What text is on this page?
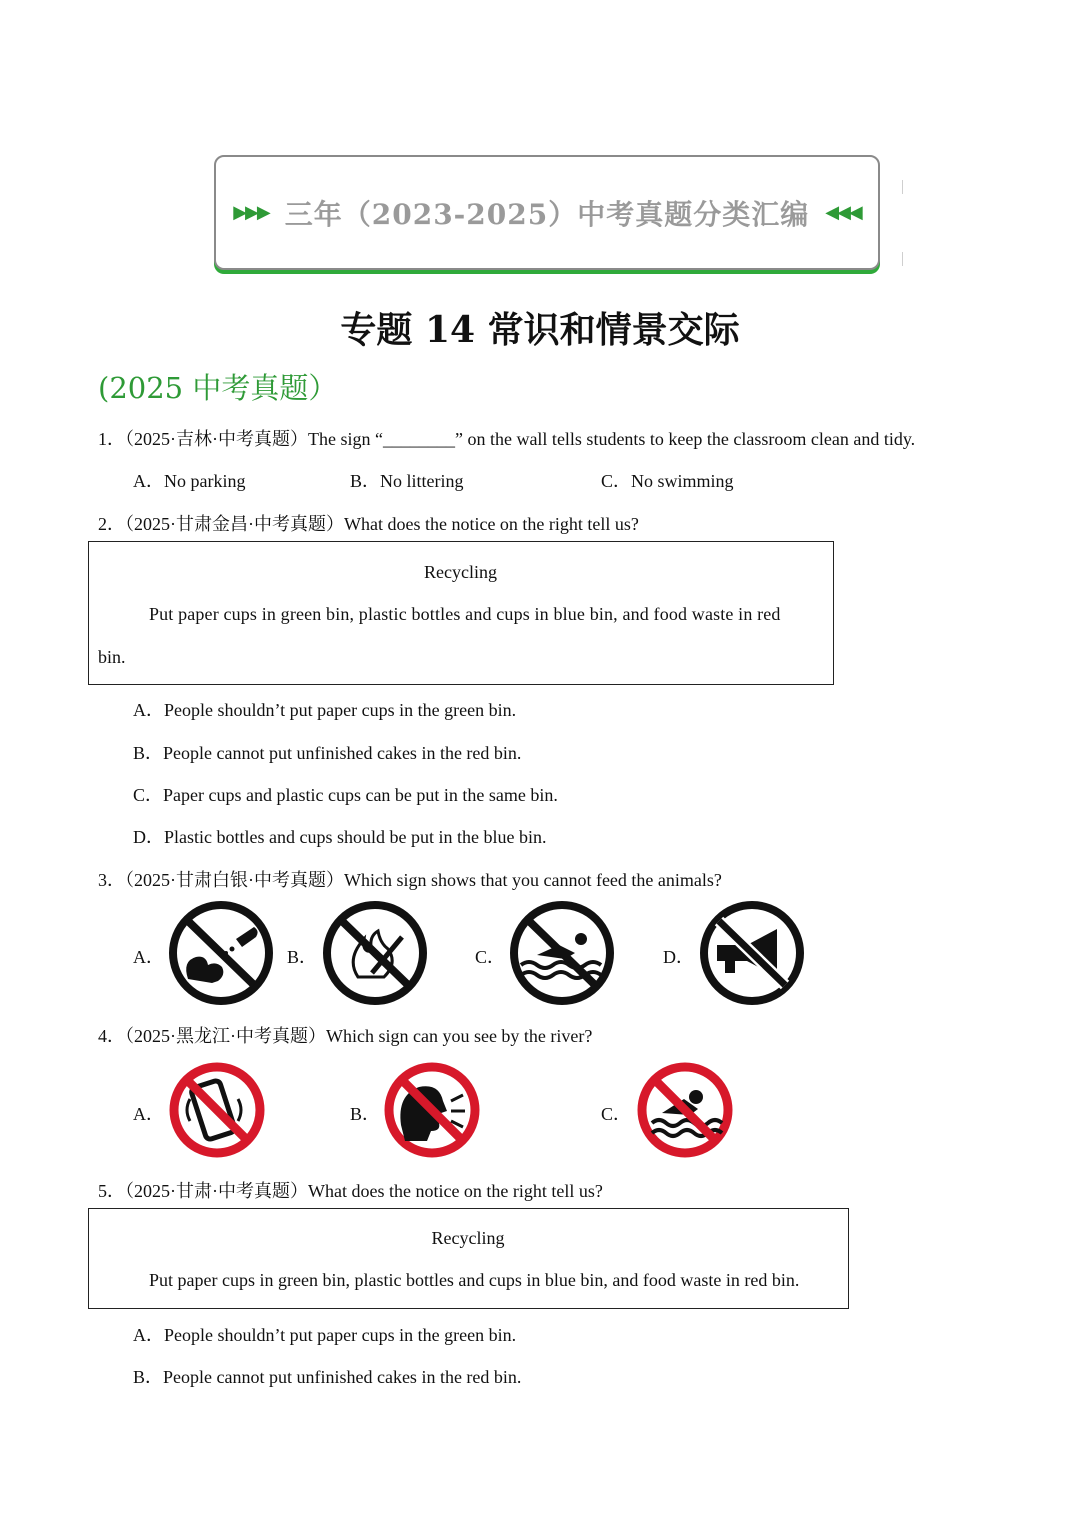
▶▶▶ 三年（2023-2025）中考真题分类汇编 ◀◀◀
专题 14 常识和情景交际
(2025 中考真题）
1．（2025·吉林·中考真题）The sign “________” on the wall tells students to keep the classroom clean and tidy.
A．No parking	B．No littering	C．No swimming
2．（2025·甘肃金昌·中考真题）What does the notice on the right tell us?
Recycling
Put paper cups in green bin, plastic bottles and cups in blue bin, and food waste in red
bin.
A．People shouldn’t put paper cups in the green bin.
B．People cannot put unfinished cakes in the red bin.
C．Paper cups and plastic cups can be put in the same bin.
D．Plastic bottles and cups should be put in the blue bin.
3．（2025·甘肃白银·中考真题）Which sign shows that you cannot feed the animals?
A．	B．	C．	D．
4．（2025·黑龙江·中考真题）Which sign can you see by the river?
A．	B．	C．
5．（2025·甘肃·中考真题）What does the notice on the right tell us?
Recycling
Put paper cups in green bin, plastic bottles and cups in blue bin, and food waste in red bin.
A．People shouldn’t put paper cups in the green bin.
B．People cannot put unfinished cakes in the red bin.
